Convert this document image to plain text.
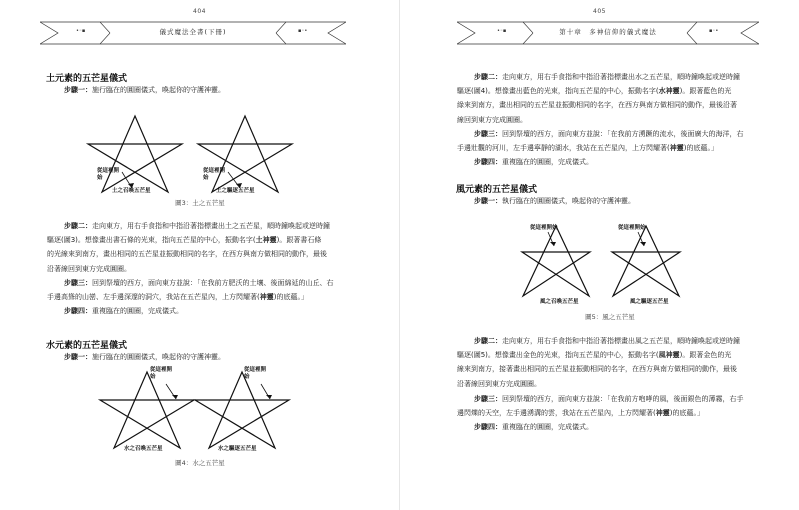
404
•◦▪	儀式魔法全書(下冊)	▪◦•
土元素的五芒星儀式
步驟一：施行臨在的圓圈儀式，喚起你的守護神靈。
從這裡開始
從這裡開始
土之召喚五芒星	土之驅逐五芒星
圖3：土之五芒星
步驟二：走向東方，用右手食指和中指沿著指標畫出土之五芒星，順時鐘喚起或逆時鐘
驅逐(圖3)。想像畫出書石條的光束，指向五芒星的中心，振動名字(土神靈)。跟著書石條
的光線來到南方，畫出相同的五芒星並振動相同的名字，在西方與南方做相同的動作，最後
沿著線回到東方完成圓圈。
步驟三：回到祭壇的西方，面向東方並說：「在我前方肥沃的土壤、後面綿延的山丘、右
手邊高聳的山巒、左手邊深邃的洞穴，我站在五芒星內，上方閃耀著(神靈)的底蘊。」
步驟四：重複臨在的圓圈，完成儀式。
水元素的五芒星儀式
步驟一：施行臨在的圓圈儀式，喚起你的守護神靈。
從這裡開始
從這裡開始
水之召喚五芒星	水之驅逐五芒星
圖4：水之五芒星
405
•◦▪	第十章　多神信仰的儀式魔法	▪◦•
步驟二：走向東方，用右手食指和中指沿著指標畫出水之五芒星，順時鐘喚起或逆時鐘
驅逐(圖4)。想像畫出藍色的光束，指向五芒星的中心，振動名字(水神靈)。跟著藍色的光
綠來到南方，畫出相同的五芒星並振動相同的名字，在西方與南方做相同的動作，最後沿著
線回到東方完成圓圈。
步驟三：回到祭壇的西方，面向東方並說：「在我前方湧蹶的流水，後面廣大的海洋，右
手邊壯觀的河川，左手邊寧靜的湖水，我站在五芒星內，上方閃耀著(神靈)的底蘊。」
步驟四：重複臨在的圓圈，完成儀式。
風元素的五芒星儀式
步驟一：執行臨在的圓圈儀式，喚起你的守護神靈。
從這裡開始	從這裡開始
風之召喚五芒星	風之驅逐五芒星
圖5：風之五芒星
步驟二：走向東方，用右手食指和中指沿著指標畫出風之五芒星，順時鐘喚起或逆時鐘
驅逐(圖5)。想像畫出金色的光束，指向五芒星的中心，振動名字(風神靈)。跟著金色的光
線來到南方，接著畫出相同的五芒星並振動相同的名字，在西方與南方做相同的動作，最後
沿著線回到東方完成圓圈。
步驟三：回到祭壇的西方，面向東方並說：「在我前方咆哮的風，後面銀色的薄霧，右手
邊閃爍的天空，左手邊湧溝的雲，我站在五芒星內，上方閃耀著(神靈)的底蘊。」
步驟四：重複臨在的圓圈，完成儀式。
